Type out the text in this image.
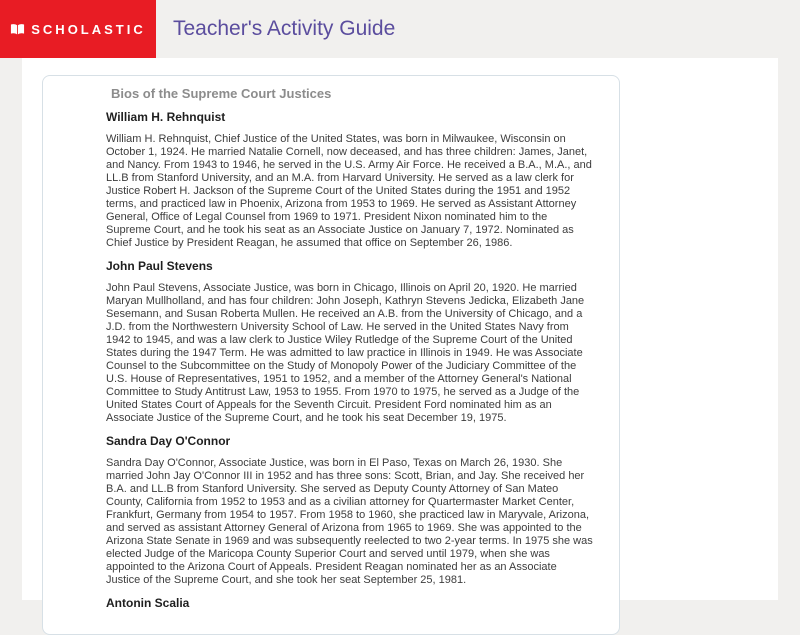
SCHOLASTIC Teacher's Activity Guide
Bios of the Supreme Court Justices
William H. Rehnquist

William H. Rehnquist, Chief Justice of the United States, was born in Milwaukee, Wisconsin on October 1, 1924. He married Natalie Cornell, now deceased, and has three children: James, Janet, and Nancy. From 1943 to 1946, he served in the U.S. Army Air Force. He received a B.A., M.A., and LL.B from Stanford University, and an M.A. from Harvard University. He served as a law clerk for Justice Robert H. Jackson of the Supreme Court of the United States during the 1951 and 1952 terms, and practiced law in Phoenix, Arizona from 1953 to 1969. He served as Assistant Attorney General, Office of Legal Counsel from 1969 to 1971. President Nixon nominated him to the Supreme Court, and he took his seat as an Associate Justice on January 7, 1972. Nominated as Chief Justice by President Reagan, he assumed that office on September 26, 1986.

John Paul Stevens

John Paul Stevens, Associate Justice, was born in Chicago, Illinois on April 20, 1920. He married Maryan Mullholland, and has four children: John Joseph, Kathryn Stevens Jedicka, Elizabeth Jane Sesemann, and Susan Roberta Mullen. He received an A.B. from the University of Chicago, and a J.D. from the Northwestern University School of Law. He served in the United States Navy from 1942 to 1945, and was a law clerk to Justice Wiley Rutledge of the Supreme Court of the United States during the 1947 Term. He was admitted to law practice in Illinois in 1949. He was Associate Counsel to the Subcommittee on the Study of Monopoly Power of the Judiciary Committee of the U.S. House of Representatives, 1951 to 1952, and a member of the Attorney General's National Committee to Study Antitrust Law, 1953 to 1955. From 1970 to 1975, he served as a Judge of the United States Court of Appeals for the Seventh Circuit. President Ford nominated him as an Associate Justice of the Supreme Court, and he took his seat December 19, 1975.

Sandra Day O'Connor

Sandra Day O'Connor, Associate Justice, was born in El Paso, Texas on March 26, 1930. She married John Jay O'Connor III in 1952 and has three sons: Scott, Brian, and Jay. She received her B.A. and LL.B from Stanford University. She served as Deputy County Attorney of San Mateo County, California from 1952 to 1953 and as a civilian attorney for Quartermaster Market Center, Frankfurt, Germany from 1954 to 1957. From 1958 to 1960, she practiced law in Maryvale, Arizona, and served as assistant Attorney General of Arizona from 1965 to 1969. She was appointed to the Arizona State Senate in 1969 and was subsequently reelected to two 2-year terms. In 1975 she was elected Judge of the Maricopa County Superior Court and served until 1979, when she was appointed to the Arizona Court of Appeals. President Reagan nominated her as an Associate Justice of the Supreme Court, and she took her seat September 25, 1981.

Antonin Scalia
